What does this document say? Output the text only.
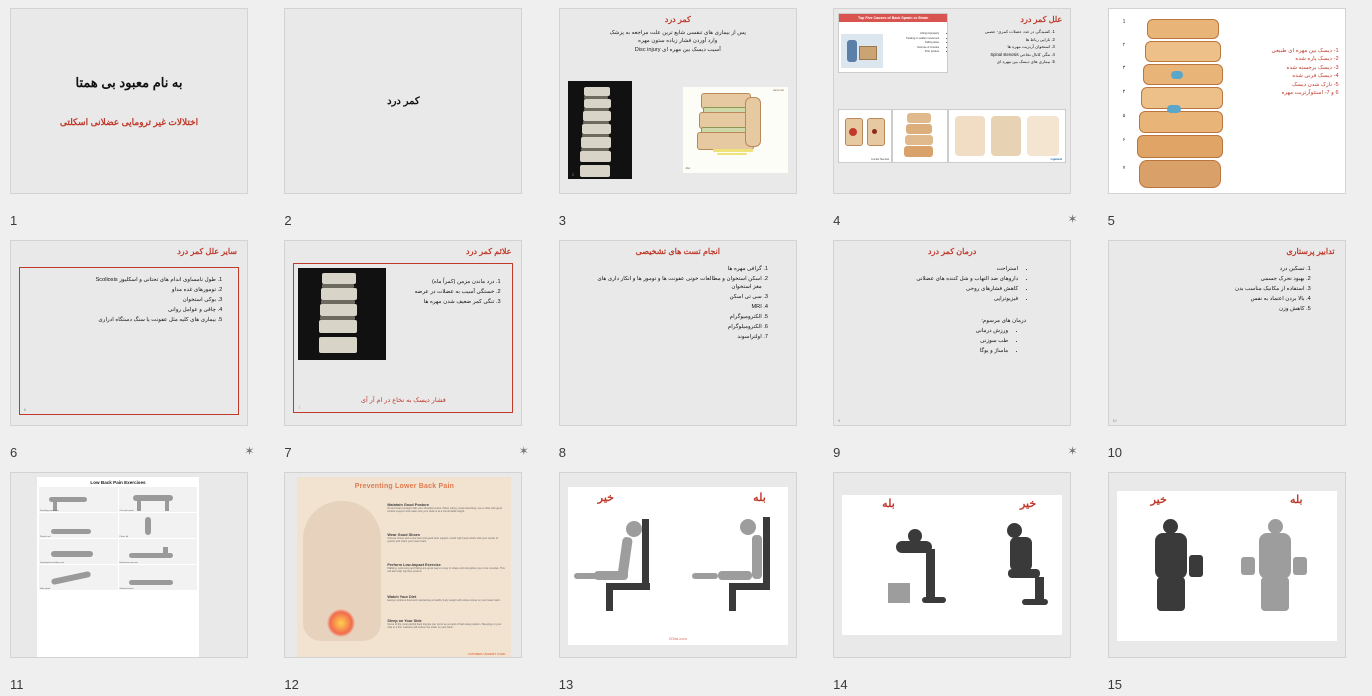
به نام معبود بی همتا
اختلالات غیر ترومایی عضلانی اسکلتی
1
کمر درد
2
کمر درد
پس از بیماری های تنفسی شایع ترین علت مراجعه به پزشک
وارد آوردن فشار زیاده ستون مهره
آسیب دیسک بین مهره ای Disc injury
3
nerve root
disc
3
علل کمر درد
1. کشیدگی در غدد عضلات کمری- عصبی
2. نازایی رباط ها
3. استخوان آرتریت مهره ها
4. تنگی کانال نخاعی Spinal stenosis
5. بیماری های دیسک بین مهره ای
Top Five Causes of Back Sprain or Strain
• Lifting improperly
• Twisting or sudden movement
• Falling down
• Overuse of muscles
• Poor posture
Lumbar Stenosis	Ligament
4	✶
1
۲
۳
۴
۵
۶
۷
1- دیسک بین مهره ای طبیعی
2- دیسک پاره شده
3- دیسک برجسته شده
4- دیسک فرنی شده
5- نازک شدن دیسک
6 و 7- استئوآرتریت مهره
5
سایر علل کمر درد
1. طول نامساوی اندام های تحتانی و اسکلیوز Scoliosis
2. تومورهای غده مداو
3. بوکی استخوان
4. چاقی و عوامل روانی
5. بیماری های کلیه مثل عفونت یا سنگ دستگاه ادراری
6
6	✶
علائم کمر درد
1. درد ماندن مزمن (کمراً ماه)
2. خستگی آسیب به عضلات در عرضه
3. تنگی کمر ضعیف شدن مهره ها
فشار دیسک به نخاع در ام آر آی
7
7	✶
انجام تست های تشخیصی
1. گرافی مهره ها
2. اسکن استخوان و مطالعات خونی عفونت ها و تومور ها و انکار داری های مغز استخوان
3. سی تی اسکن
4. MRI
5. الکترومیوگرام
6. الکترومیلوگرام
7. اولتراسوند
8
درمان کمر درد
• استراحت
• داروهای ضد التهاب و شل کننده های عضلانی
• کاهش فشارهای روحی
• فیزیوتراپی
درمان های مرسوم:
• ورزش درمانی
• طب سوزنی
• ماساژ و یوگا
9
9	✶
تدابیر پرستاری
1. تسکین درد
2. بهبود تحرک جسمی
3. استفاده از مکانیک مناسب بدن
4. بالا بردن اعتماد به نفس
5. کاهش وزن
10
10
Low Back Pain Exercises
Cat and camel
Standing extension
Pelvic tilt
Partial curl
Extension exercise
Quadruped arm/leg raise
Gluteal stretch
Side plank
11
Preventing Lower Back Pain
Maintain Good Posture
Sit and stand straight with your shoulders back. When sitting, avoid slouching; use a chair with good lumbar support and make sure your desk is at a comfortable height.
Wear Good Shoes
Choose shoes with a low heel and good arch support. Avoid high heels which shift your center of gravity and strain your lower back.
Perform Low-Impact Exercise
Walking, swimming and biking are great ways to stay in shape and strengthen your core muscles. This will also help improve posture.
Watch Your Diet
Eating nutritious food and maintaining a healthy body weight will reduce stress on your lower back.
Sleep on Your Side
Some of the most painful back injuries can occur as a result of bad sleep position. Sleeping on your side in a firm mattress will reduce the strain on your back.
FASTMED URGENT CARE
12
بله
خیر
2Oist.com
13
خیر
بله
14
بله
خیر
15
